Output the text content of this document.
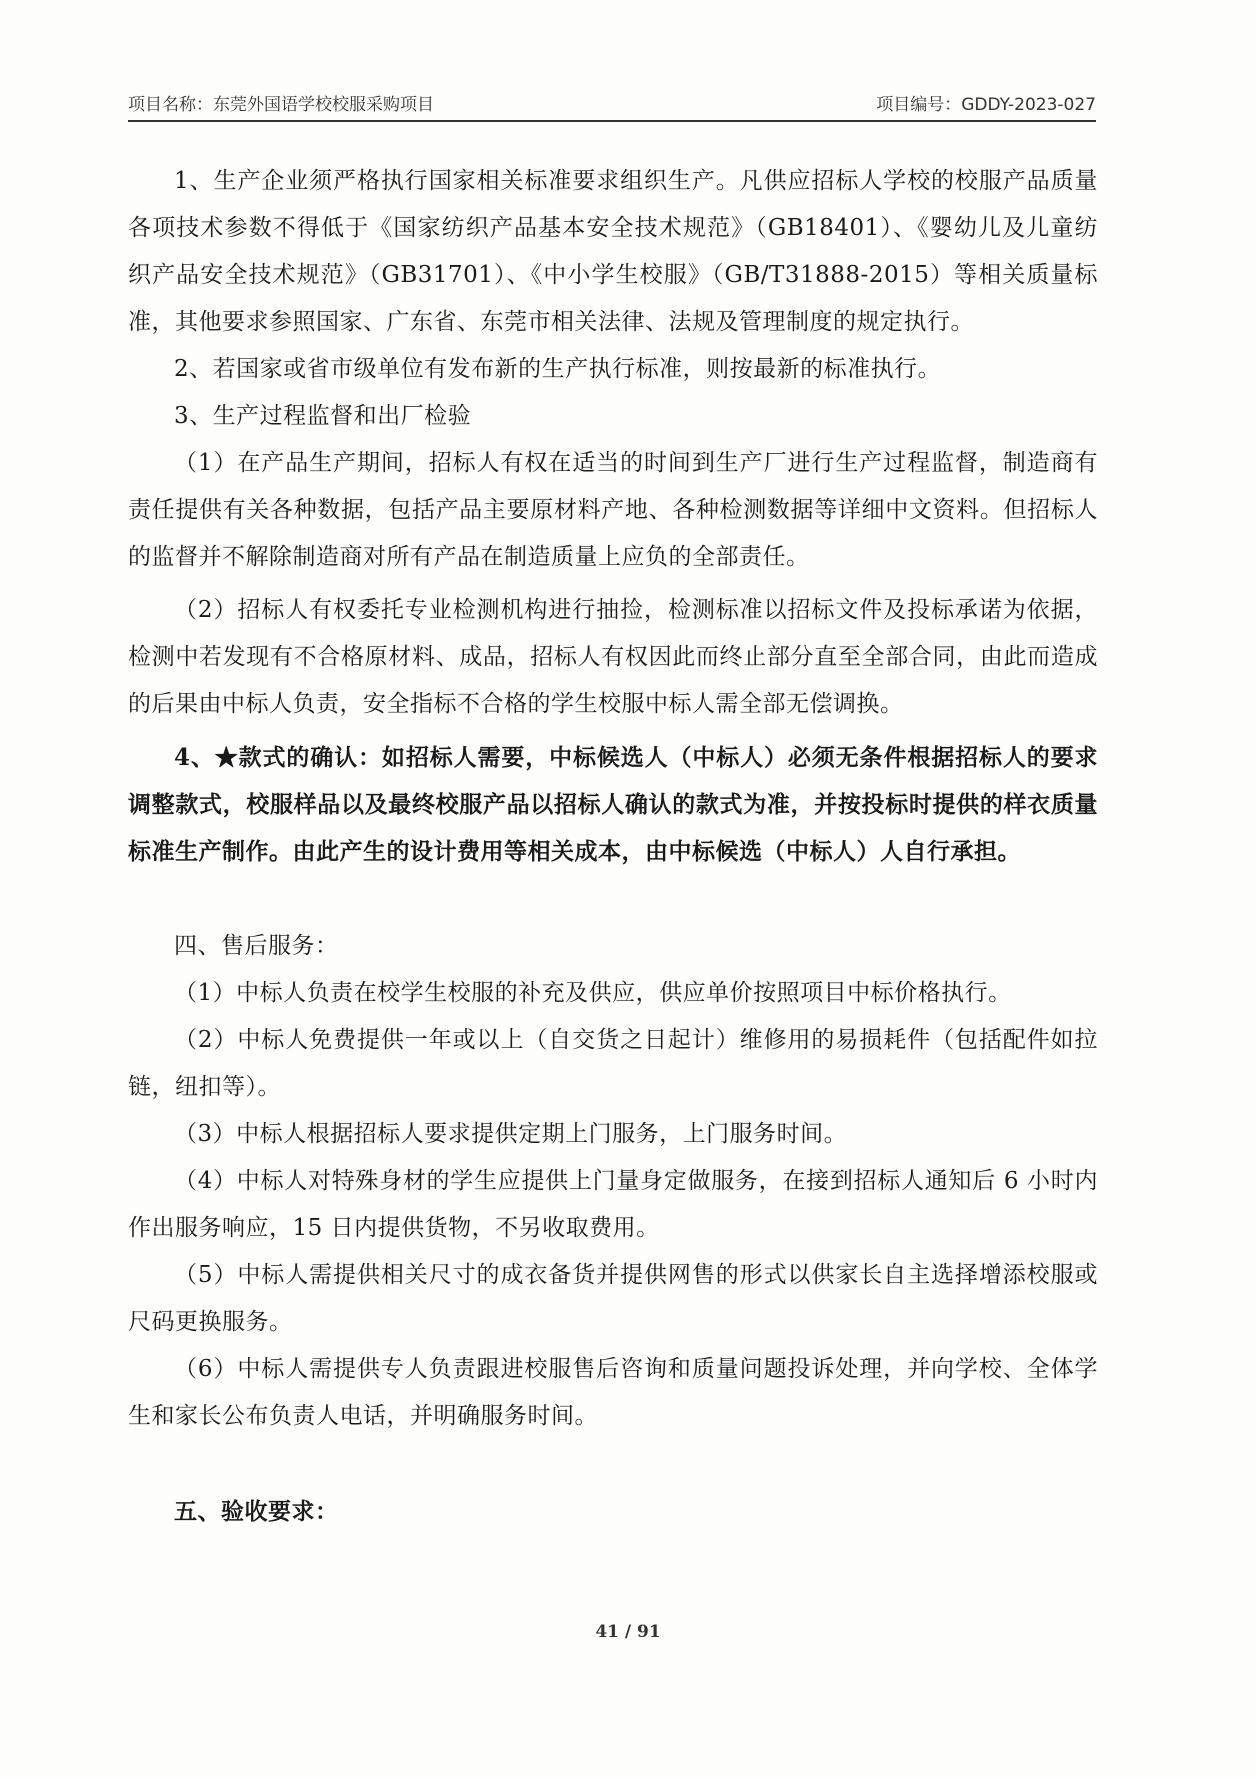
项目名称：东莞外国语学校校服采购项目	项目编号：GDDY-2023-027

1、生产企业须严格执行国家相关标准要求组织生产。凡供应招标人学校的校服产品质量各项技术参数不得低于《国家纺织产品基本安全技术规范》（GB18401）、《婴幼儿及儿童纺织产品安全技术规范》（GB31701）、《中小学生校服》（GB/T31888-2015）等相关质量标准，其他要求参照国家、广东省、东莞市相关法律、法规及管理制度的规定执行。

2、若国家或省市级单位有发布新的生产执行标准，则按最新的标准执行。

3、生产过程监督和出厂检验

（1）在产品生产期间，招标人有权在适当的时间到生产厂进行生产过程监督，制造商有责任提供有关各种数据，包括产品主要原材料产地、各种检测数据等详细中文资料。但招标人的监督并不解除制造商对所有产品在制造质量上应负的全部责任。

（2）招标人有权委托专业检测机构进行抽捡，检测标准以招标文件及投标承诺为依据，检测中若发现有不合格原材料、成品，招标人有权因此而终止部分直至全部合同，由此而造成的后果由中标人负责，安全指标不合格的学生校服中标人需全部无偿调换。

4、★款式的确认：如招标人需要，中标候选人（中标人）必须无条件根据招标人的要求调整款式，校服样品以及最终校服产品以招标人确认的款式为准，并按投标时提供的样衣质量标准生产制作。由此产生的设计费用等相关成本，由中标候选（中标人）人自行承担。

四、售后服务：

（1）中标人负责在校学生校服的补充及供应，供应单价按照项目中标价格执行。

（2）中标人免费提供一年或以上（自交货之日起计）维修用的易损耗件（包括配件如拉链，纽扣等）。

（3）中标人根据招标人要求提供定期上门服务，上门服务时间。

（4）中标人对特殊身材的学生应提供上门量身定做服务，在接到招标人通知后 6 小时内作出服务响应，15 日内提供货物，不另收取费用。

（5）中标人需提供相关尺寸的成衣备货并提供网售的形式以供家长自主选择增添校服或尺码更换服务。

（6）中标人需提供专人负责跟进校服售后咨询和质量问题投诉处理，并向学校、全体学生和家长公布负责人电话，并明确服务时间。

五、验收要求：

41 / 91
